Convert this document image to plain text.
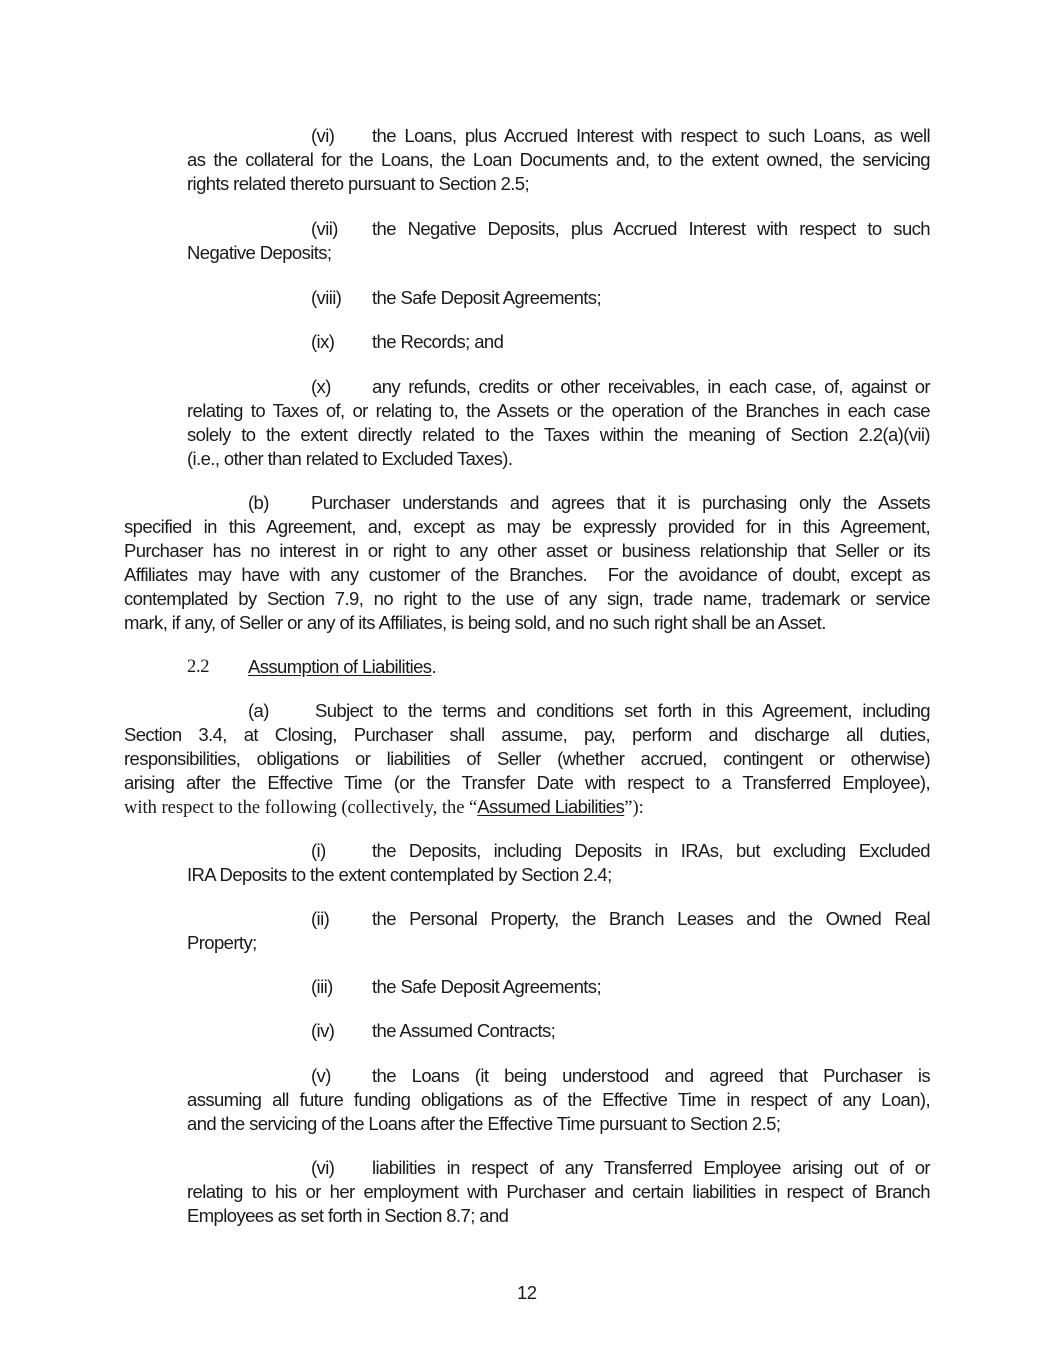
(vi) the Loans, plus Accrued Interest with respect to such Loans, as well
as the collateral for the Loans, the Loan Documents and, to the extent owned, the servicing
rights related thereto pursuant to Section 2.5;
(vii) the Negative Deposits, plus Accrued Interest with respect to such
Negative Deposits;
(viii) the Safe Deposit Agreements;
(ix) the Records; and
(x) any refunds, credits or other receivables, in each case, of, against or
relating to Taxes of, or relating to, the Assets or the operation of the Branches in each case
solely to the extent directly related to the Taxes within the meaning of Section 2.2(a)(vii)
(i.e., other than related to Excluded Taxes).
(b) Purchaser understands and agrees that it is purchasing only the Assets
specified in this Agreement, and, except as may be expressly provided for in this Agreement,
Purchaser has no interest in or right to any other asset or business relationship that Seller or its
Affiliates may have with any customer of the Branches.  For the avoidance of doubt, except as
contemplated by Section 7.9, no right to the use of any sign, trade name, trademark or service
mark, if any, of Seller or any of its Affiliates, is being sold, and no such right shall be an Asset.
2.2 Assumption of Liabilities.
(a) Subject to the terms and conditions set forth in this Agreement, including
Section 3.4, at Closing, Purchaser shall assume, pay, perform and discharge all duties,
responsibilities, obligations or liabilities of Seller (whether accrued, contingent or otherwise)
arising after the Effective Time (or the Transfer Date with respect to a Transferred Employee),
with respect to the following (collectively, the “Assumed Liabilities”):
(i)	the Deposits, including Deposits in IRAs, but excluding Excluded
IRA Deposits to the extent contemplated by Section 2.4;
(ii) the Personal Property, the Branch Leases and the Owned Real
Property;
(iii) the Safe Deposit Agreements;
(iv) the Assumed Contracts;
(v) the Loans (it being understood and agreed that Purchaser is
assuming all future funding obligations as of the Effective Time in respect of any Loan),
and the servicing of the Loans after the Effective Time pursuant to Section 2.5;
(vi) liabilities in respect of any Transferred Employee arising out of or
relating to his or her employment with Purchaser and certain liabilities in respect of Branch
Employees as set forth in Section 8.7; and
12
